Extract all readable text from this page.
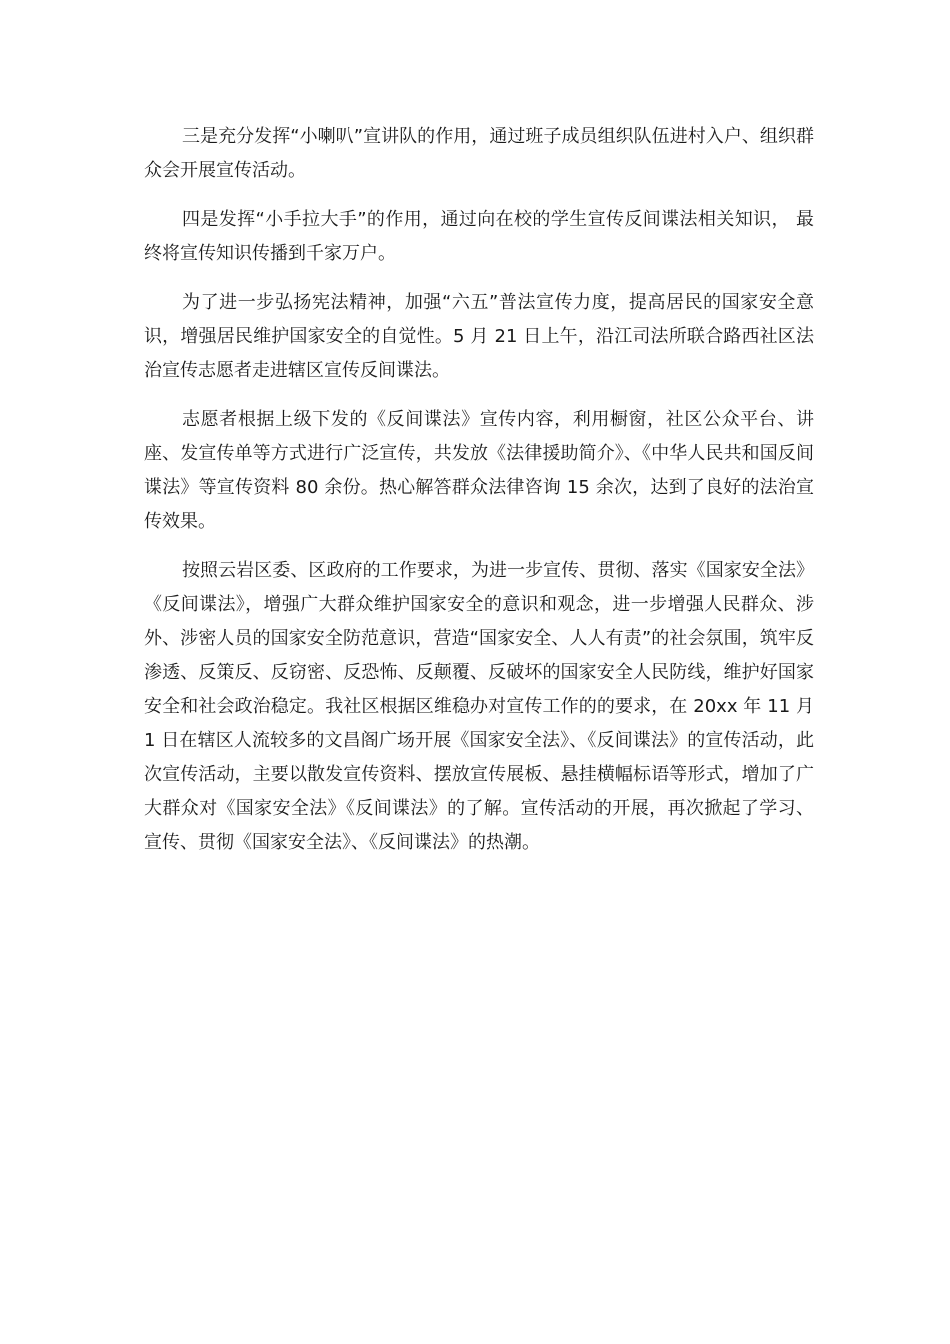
三是充分发挥“小喇叭”宣讲队的作用，通过班子成员组织队伍进村入户、组织群众会开展宣传活动。

四是发挥“小手拉大手”的作用，通过向在校的学生宣传反间谍法相关知识， 最终将宣传知识传播到千家万户。

为了进一步弘扬宪法精神，加强“六五”普法宣传力度，提高居民的国家安全意识，增强居民维护国家安全的自觉性。5 月 21 日上午，沿江司法所联合路西社区法治宣传志愿者走进辖区宣传反间谍法。

志愿者根据上级下发的《反间谍法》宣传内容，利用橱窗，社区公众平台、讲座、发宣传单等方式进行广泛宣传，共发放《法律援助简介》、《中华人民共和国反间谍法》等宣传资料 80 余份。热心解答群众法律咨询 15 余次，达到了良好的法治宣传效果。

按照云岩区委、区政府的工作要求，为进一步宣传、贯彻、落实《国家安全法》《反间谍法》，增强广大群众维护国家安全的意识和观念，进一步增强人民群众、涉外、涉密人员的国家安全防范意识，营造“国家安全、人人有责”的社会氛围，筑牢反渗透、反策反、反窃密、反恐怖、反颠覆、反破坏的国家安全人民防线，维护好国家安全和社会政治稳定。我社区根据区维稳办对宣传工作的的要求，在 20xx 年 11 月 1 日在辖区人流较多的文昌阁广场开展《国家安全法》、《反间谍法》的宣传活动，此次宣传活动，主要以散发宣传资料、摆放宣传展板、悬挂横幅标语等形式，增加了广大群众对《国家安全法》《反间谍法》的了解。宣传活动的开展，再次掀起了学习、宣传、贯彻《国家安全法》、《反间谍法》的热潮。
